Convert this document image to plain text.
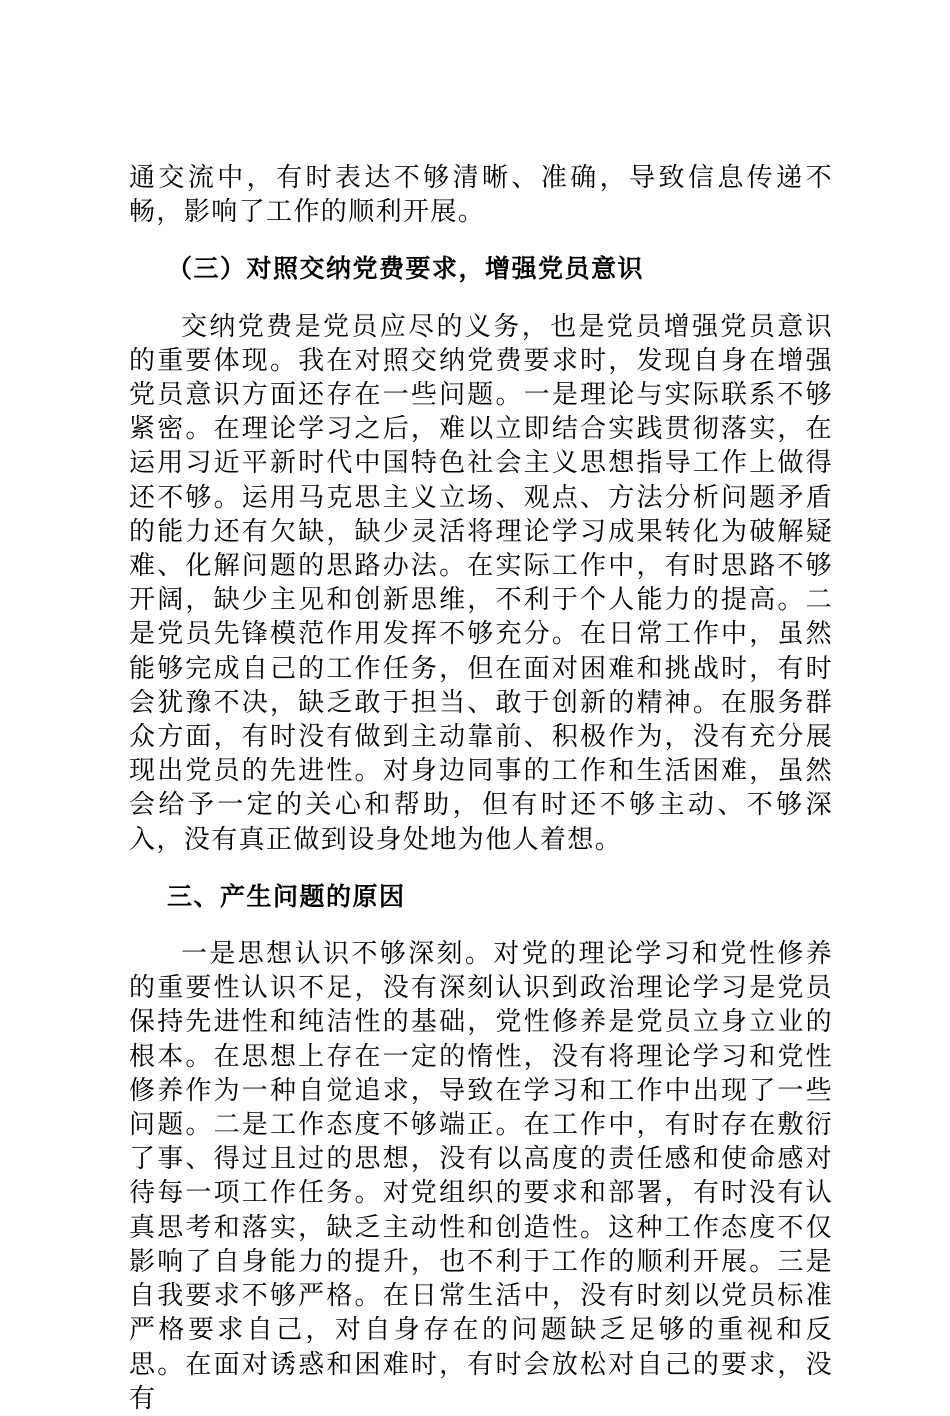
通交流中，有时表达不够清晰、准确，导致信息传递不畅，影响了工作的顺利开展。

（三）对照交纳党费要求，增强党员意识

交纳党费是党员应尽的义务，也是党员增强党员意识的重要体现。我在对照交纳党费要求时，发现自身在增强党员意识方面还存在一些问题。一是理论与实际联系不够紧密。在理论学习之后，难以立即结合实践贯彻落实，在运用习近平新时代中国特色社会主义思想指导工作上做得还不够。运用马克思主义立场、观点、方法分析问题矛盾的能力还有欠缺，缺少灵活将理论学习成果转化为破解疑难、化解问题的思路办法。在实际工作中，有时思路不够开阔，缺少主见和创新思维，不利于个人能力的提高。二是党员先锋模范作用发挥不够充分。在日常工作中，虽然能够完成自己的工作任务，但在面对困难和挑战时，有时会犹豫不决，缺乏敢于担当、敢于创新的精神。在服务群众方面，有时没有做到主动靠前、积极作为，没有充分展现出党员的先进性。对身边同事的工作和生活困难，虽然会给予一定的关心和帮助，但有时还不够主动、不够深入，没有真正做到设身处地为他人着想。

三、产生问题的原因

一是思想认识不够深刻。对党的理论学习和党性修养的重要性认识不足，没有深刻认识到政治理论学习是党员保持先进性和纯洁性的基础，党性修养是党员立身立业的根本。在思想上存在一定的惰性，没有将理论学习和党性修养作为一种自觉追求，导致在学习和工作中出现了一些问题。二是工作态度不够端正。在工作中，有时存在敷衍了事、得过且过的思想，没有以高度的责任感和使命感对待每一项工作任务。对党组织的要求和部署，有时没有认真思考和落实，缺乏主动性和创造性。这种工作态度不仅影响了自身能力的提升，也不利于工作的顺利开展。三是自我要求不够严格。在日常生活中，没有时刻以党员标准严格要求自己，对自身存在的问题缺乏足够的重视和反思。在面对诱惑和困难时，有时会放松对自己的要求，没有
